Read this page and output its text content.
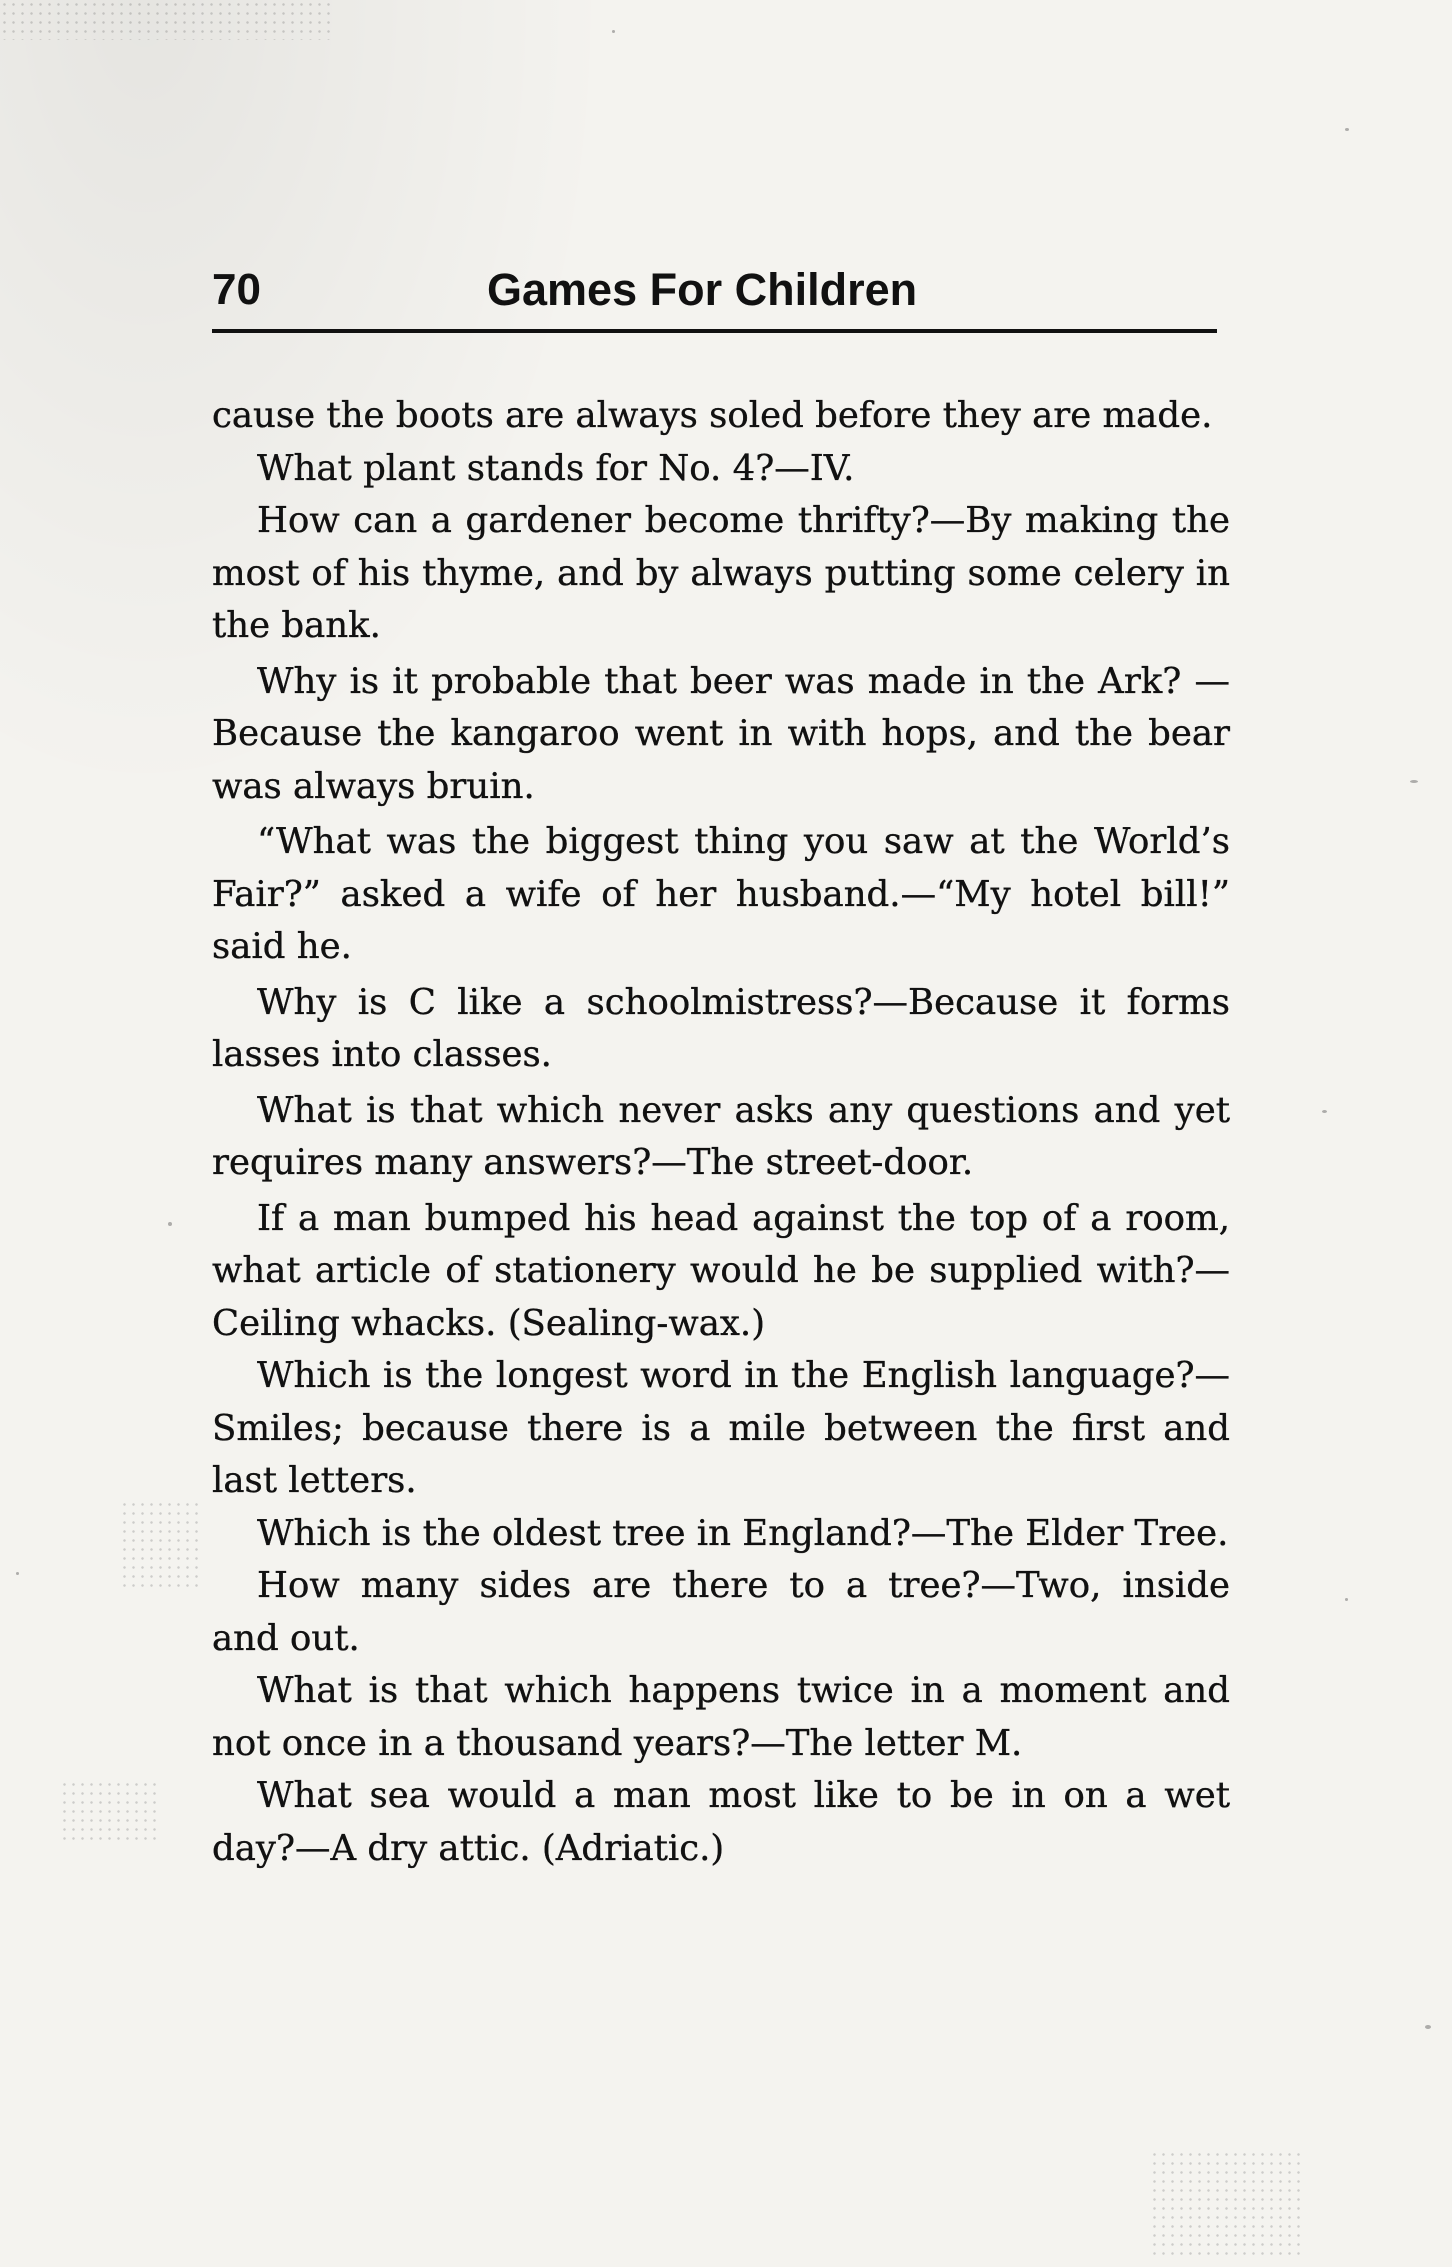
70	Games For Children

cause the boots are always soled before they are made.

What plant stands for No. 4?—IV.

How can a gardener become thrifty?—By making the most of his thyme, and by always putting some celery in the bank.

Why is it probable that beer was made in the Ark? —Because the kangaroo went in with hops, and the bear was always bruin.

“What was the biggest thing you saw at the World’s Fair?” asked a wife of her husband.—“My hotel bill!” said he.

Why is C like a schoolmistress?—Because it forms lasses into classes.

What is that which never asks any questions and yet requires many answers?—The street-door.

If a man bumped his head against the top of a room, what article of stationery would he be supplied with?—Ceiling whacks. (Sealing-wax.)

Which is the longest word in the English language?—Smiles; because there is a mile between the first and last letters.

Which is the oldest tree in England?—The Elder Tree.

How many sides are there to a tree?—Two, inside and out.

What is that which happens twice in a moment and not once in a thousand years?—The letter M.

What sea would a man most like to be in on a wet day?—A dry attic. (Adriatic.)
